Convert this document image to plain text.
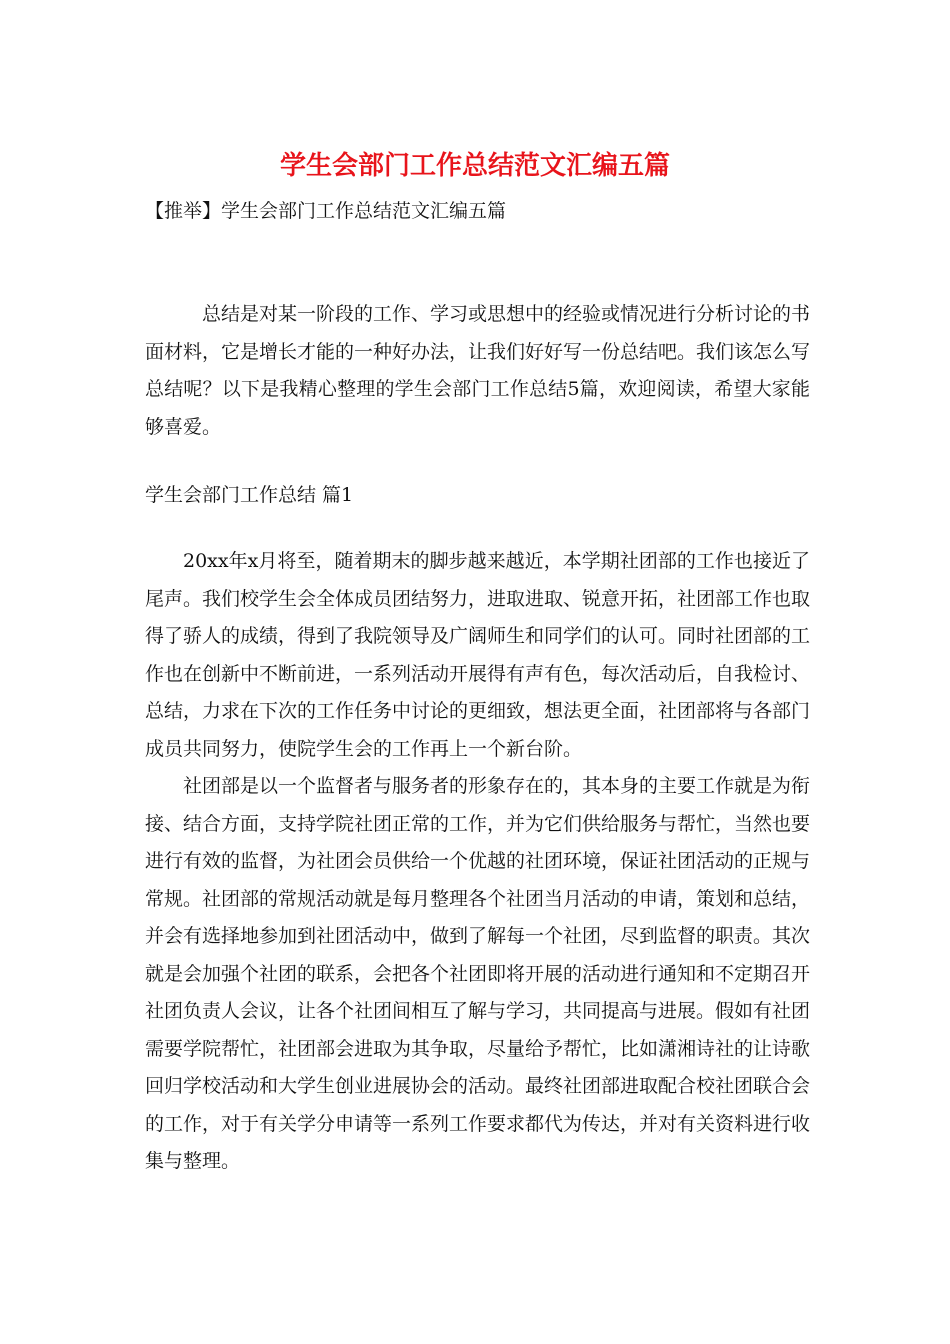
学生会部门工作总结范文汇编五篇

【推举】学生会部门工作总结范文汇编五篇

总结是对某一阶段的工作、学习或思想中的经验或情况进行分析讨论的书面材料，它是增长才能的一种好办法，让我们好好写一份总结吧。我们该怎么写总结呢？以下是我精心整理的学生会部门工作总结5篇，欢迎阅读，希望大家能够喜爱。

学生会部门工作总结 篇1

20xx年x月将至，随着期末的脚步越来越近，本学期社团部的工作也接近了尾声。我们校学生会全体成员团结努力，进取进取、锐意开拓，社团部工作也取得了骄人的成绩，得到了我院领导及广阔师生和同学们的认可。同时社团部的工作也在创新中不断前进，一系列活动开展得有声有色，每次活动后，自我检讨、总结，力求在下次的工作任务中讨论的更细致，想法更全面，社团部将与各部门成员共同努力，使院学生会的工作再上一个新台阶。

社团部是以一个监督者与服务者的形象存在的，其本身的主要工作就是为衔接、结合方面，支持学院社团正常的工作，并为它们供给服务与帮忙，当然也要进行有效的监督，为社团会员供给一个优越的社团环境，保证社团活动的正规与常规。社团部的常规活动就是每月整理各个社团当月活动的申请，策划和总结，并会有选择地参加到社团活动中，做到了解每一个社团，尽到监督的职责。其次就是会加强个社团的联系，会把各个社团即将开展的活动进行通知和不定期召开社团负责人会议，让各个社团间相互了解与学习，共同提高与进展。假如有社团需要学院帮忙，社团部会进取为其争取，尽量给予帮忙，比如潇湘诗社的让诗歌回归学校活动和大学生创业进展协会的活动。最终社团部进取配合校社团联合会的工作，对于有关学分申请等一系列工作要求都代为传达，并对有关资料进行收集与整理。
